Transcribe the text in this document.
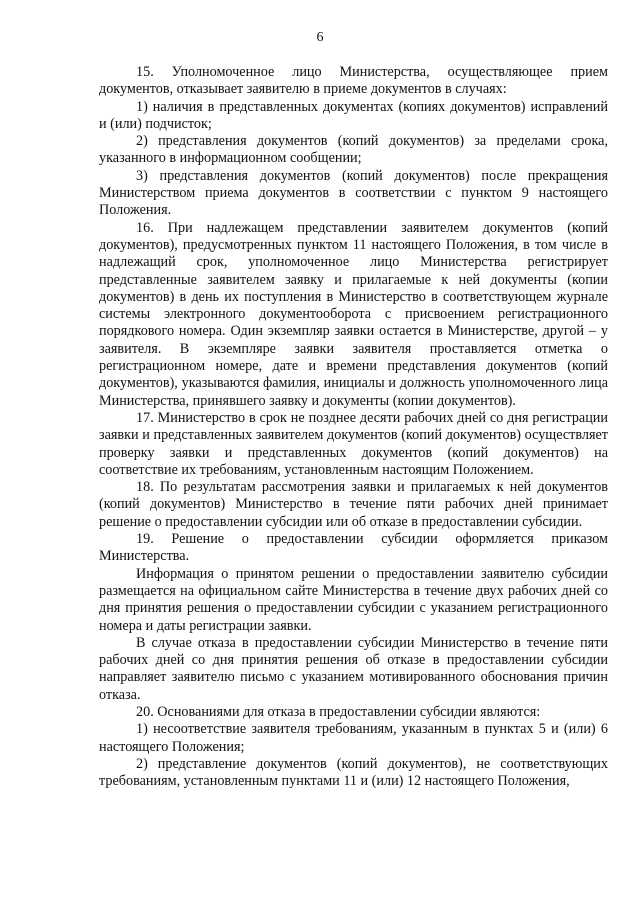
6

15. Уполномоченное лицо Министерства, осуществляющее прием документов, отказывает заявителю в приеме документов в случаях:

1) наличия в представленных документах (копиях документов) исправлений и (или) подчисток;

2) представления документов (копий документов) за пределами срока, указанного в информационном сообщении;

3) представления документов (копий документов) после прекращения Министерством приема документов в соответствии с пунктом 9 настоящего Положения.

16. При надлежащем представлении заявителем документов (копий документов), предусмотренных пунктом 11 настоящего Положения, в том числе в надлежащий срок, уполномоченное лицо Министерства регистрирует представленные заявителем заявку и прилагаемые к ней документы (копии документов) в день их поступления в Министерство в соответствующем журнале системы электронного документооборота с присвоением регистрационного порядкового номера. Один экземпляр заявки остается в Министерстве, другой – у заявителя. В экземпляре заявки заявителя проставляется отметка о регистрационном номере, дате и времени представления документов (копий документов), указываются фамилия, инициалы и должность уполномоченного лица Министерства, принявшего заявку и документы (копии документов).

17. Министерство в срок не позднее десяти рабочих дней со дня регистрации заявки и представленных заявителем документов (копий документов) осуществляет проверку заявки и представленных документов (копий документов) на соответствие их требованиям, установленным настоящим Положением.

18. По результатам рассмотрения заявки и прилагаемых к ней документов (копий документов) Министерство в течение пяти рабочих дней принимает решение о предоставлении субсидии или об отказе в предоставлении субсидии.

19. Решение о предоставлении субсидии оформляется приказом Министерства.

Информация о принятом решении о предоставлении заявителю субсидии размещается на официальном сайте Министерства в течение двух рабочих дней со дня принятия решения о предоставлении субсидии с указанием регистрационного номера и даты регистрации заявки.

В случае отказа в предоставлении субсидии Министерство в течение пяти рабочих дней со дня принятия решения об отказе в предоставлении субсидии направляет заявителю письмо с указанием мотивированного обоснования причин отказа.

20. Основаниями для отказа в предоставлении субсидии являются:

1) несоответствие заявителя требованиям, указанным в пунктах 5 и (или) 6 настоящего Положения;

2) представление документов (копий документов), не соответствующих требованиям, установленным пунктами 11 и (или) 12 настоящего Положения,
